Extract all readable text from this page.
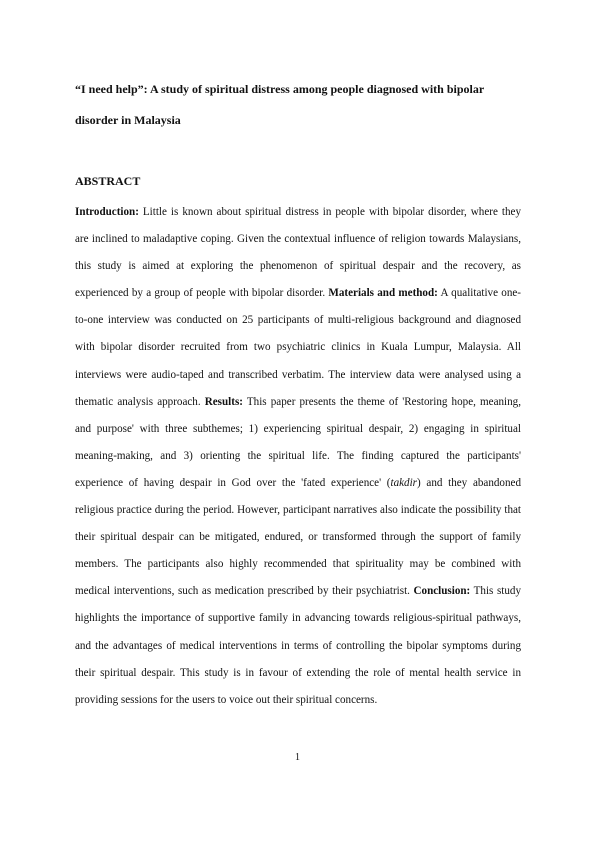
“I need help”: A study of spiritual distress among people diagnosed with bipolar disorder in Malaysia

ABSTRACT

Introduction: Little is known about spiritual distress in people with bipolar disorder, where they are inclined to maladaptive coping. Given the contextual influence of religion towards Malaysians, this study is aimed at exploring the phenomenon of spiritual despair and the recovery, as experienced by a group of people with bipolar disorder. Materials and method: A qualitative one-to-one interview was conducted on 25 participants of multi-religious background and diagnosed with bipolar disorder recruited from two psychiatric clinics in Kuala Lumpur, Malaysia. All interviews were audio-taped and transcribed verbatim. The interview data were analysed using a thematic analysis approach. Results: This paper presents the theme of 'Restoring hope, meaning, and purpose' with three subthemes; 1) experiencing spiritual despair, 2) engaging in spiritual meaning-making, and 3) orienting the spiritual life. The finding captured the participants' experience of having despair in God over the 'fated experience' (takdir) and they abandoned religious practice during the period. However, participant narratives also indicate the possibility that their spiritual despair can be mitigated, endured, or transformed through the support of family members. The participants also highly recommended that spirituality may be combined with medical interventions, such as medication prescribed by their psychiatrist. Conclusion: This study highlights the importance of supportive family in advancing towards religious-spiritual pathways, and the advantages of medical interventions in terms of controlling the bipolar symptoms during their spiritual despair. This study is in favour of extending the role of mental health service in providing sessions for the users to voice out their spiritual concerns.

1
